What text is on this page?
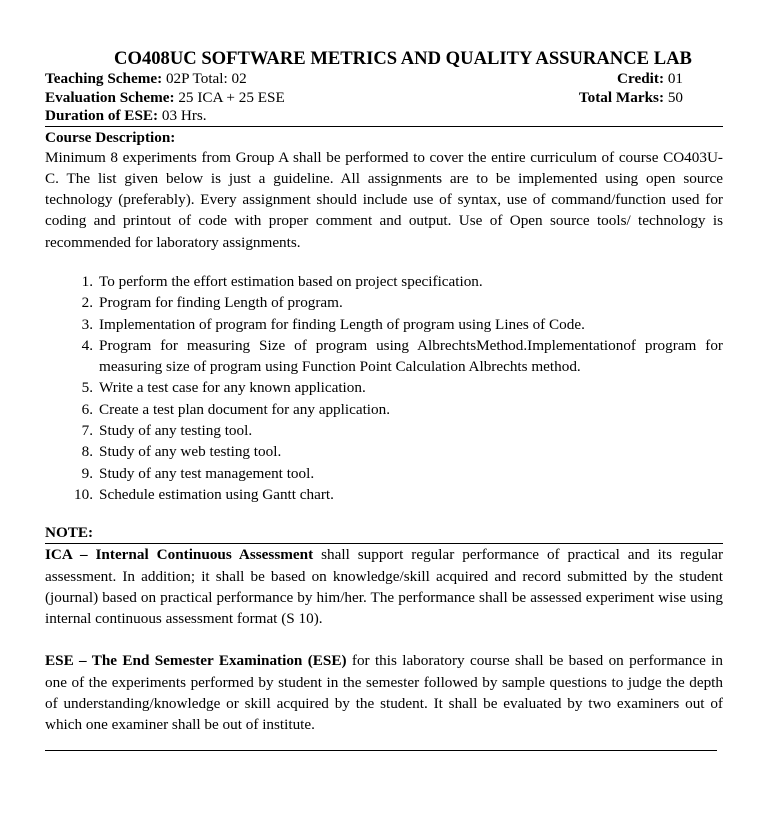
CO408UC SOFTWARE METRICS AND QUALITY ASSURANCE LAB
Teaching Scheme: 02P Total: 02	Credit: 01
Evaluation Scheme: 25 ICA + 25 ESE	Total Marks: 50
Duration of ESE: 03 Hrs.
Course Description:

Minimum 8 experiments from Group A shall be performed to cover the entire curriculum of course CO403U-C. The list given below is just a guideline. All assignments are to be implemented using open source technology (preferably). Every assignment should include use of syntax, use of command/function used for coding and printout of code with proper comment and output. Use of Open source tools/ technology is recommended for laboratory assignments.

1. To perform the effort estimation based on project specification.
2. Program for finding Length of program.
3. Implementation of program for finding Length of program using Lines of Code.
4. Program for measuring Size of program using AlbrechtsMethod.Implementationof program for measuring size of program using Function Point Calculation Albrechts method.
5. Write a test case for any known application.
6. Create a test plan document for any application.
7. Study of any testing tool.
8. Study of any web testing tool.
9. Study of any test management tool.
10. Schedule estimation using Gantt chart.
NOTE:

ICA – Internal Continuous Assessment shall support regular performance of practical and its regular assessment. In addition; it shall be based on knowledge/skill acquired and record submitted by the student (journal) based on practical performance by him/her. The performance shall be assessed experiment wise using internal continuous assessment format (S 10).

ESE – The End Semester Examination (ESE) for this laboratory course shall be based on performance in one of the experiments performed by student in the semester followed by sample questions to judge the depth of understanding/knowledge or skill acquired by the student. It shall be evaluated by two examiners out of which one examiner shall be out of institute.
